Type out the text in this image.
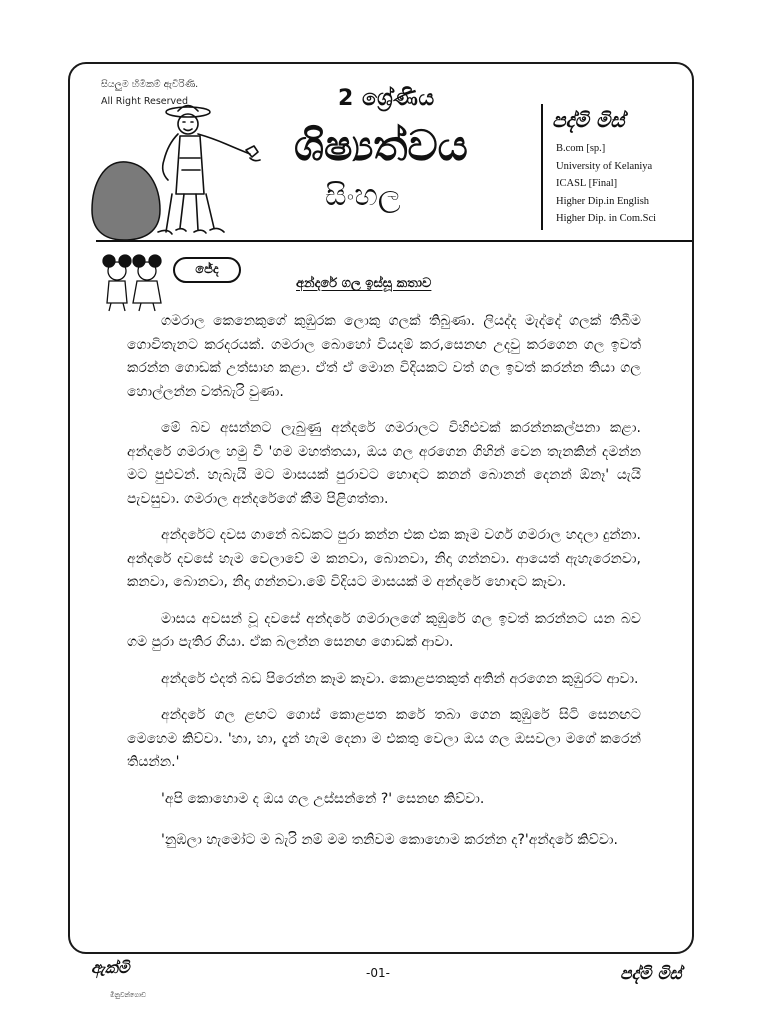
සියලුම හිමිකම් ඇවිරිණි.
All Right Reserved	2 ශ්‍රේණිය
ශිෂ්‍යත්වය
සිංහල
පද්මි මිස්
B.com [sp.]
University of Kelaniya
ICASL [Final]
Higher Dip.in English
Higher Dip. in Com.Sci
ජේද
අන්දරේ ගල ඉස්සූ කතාව

ගමරාල කෙනෙකුගේ කුඹුරක ලොකු ගලක් තිබුණා. ලියද්ද මැද්දේ ගලක් තිබීම ගොවිතැනට කරදරයක්. ගමරාල බොහෝ වියදම් කර,සෙනඟ උදවු කරගෙන ගල ඉවත් කරන්න ගොඩක් උත්සාහ කළා. ඒත් ඒ මොන විදියකට වත් ගල ඉවත් කරන්න තියා ගල හොල්ලන්න වත්බැරි වුණා.

මේ බව අසන්නට ලැබුණු අන්දරේ ගමරාලට විහිළුවක් කරන්නකල්පනා කළා. අන්දරේ ගමරාල හමු වී 'ගම මහත්තයා, ඔය ගල අරගෙන ගිහින් වෙන තැනකින් දමන්න මට පුළුවන්. හැබැයි මට මාසයක් පුරාවට හොඳට කනන් බොනන් දෙනන් ඕනෑ' යැයි පැවසුවා. ගමරාල අන්දරේගේ කීම පිළිගත්තා.

අන්දරේට දවස ගානේ බඩකට පුරා කන්න එක එක කෑම වර්ග ගමරාල හදලා දුන්නා. අන්දරේ දවසේ හැම වෙලාවේ ම කනවා, බොනවා, නිදා ගන්නවා. ආයෙත් ඇහැරෙනවා, කනවා, බොනවා, නිදා ගන්නවා.මේ විදියට මාසයක් ම අන්දරේ හොඳට කෑවා.

මාසය අවසන් වූ දවසේ අන්දරේ ගමරාලගේ කුඹුරේ ගල ඉවත් කරන්නට යන බව ගම පුරා පැතිර ගියා. ඒක බලන්න සෙනඟ ගොඩක් ආවා.

අන්දරේ එදත් බඩ පිරෙන්න කෑම කෑවා. කොළපතකුත් අතින් අරගෙන කුඹුරට ආවා.

අන්දරේ ගල ළඟට ගොස් කොළපත කරේ තබා ගෙන කුඹුරේ සිටි සෙනඟට මෙහෙම කිව්වා. 'හා, හා, දැන් හැම දෙනා ම එකතු වෙලා ඔය ගල ඔසවලා මගේ කරෙන් තියන්න.'

'අපි කොහොම ද ඔය ගල උස්සන්නේ ?' සෙනඟ කිව්වා.

'නුඹලා හැමෝට ම බැරි නම් මම තනිවම කොහොම කරන්න ද?'අන්දරේ කිව්වා.

ඇක්මි
මිනුවන්ගොඩ
-01-	පද්මි මිස්
